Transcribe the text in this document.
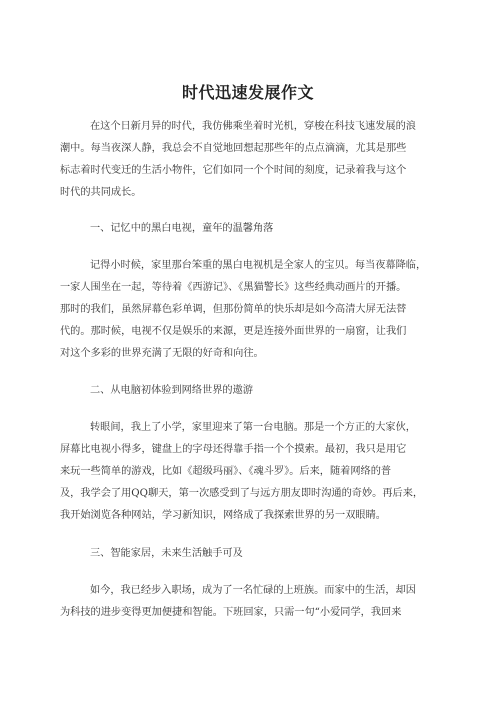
时代迅速发展作文
在这个日新月异的时代，我仿佛乘坐着时光机，穿梭在科技飞速发展的浪
潮中。每当夜深人静，我总会不自觉地回想起那些年的点点滴滴，尤其是那些
标志着时代变迁的生活小物件，它们如同一个个时间的刻度，记录着我与这个
时代的共同成长。
一、记忆中的黑白电视，童年的温馨角落
记得小时候，家里那台笨重的黑白电视机是全家人的宝贝。每当夜幕降临，
一家人围坐在一起，等待着《西游记》、《黑猫警长》这些经典动画片的开播。
那时的我们，虽然屏幕色彩单调，但那份简单的快乐却是如今高清大屏无法替
代的。那时候，电视不仅是娱乐的来源，更是连接外面世界的一扇窗，让我们
对这个多彩的世界充满了无限的好奇和向往。
二、从电脑初体验到网络世界的遨游
转眼间，我上了小学，家里迎来了第一台电脑。那是一个方正的大家伙，
屏幕比电视小得多，键盘上的字母还得靠手指一个个摸索。最初，我只是用它
来玩一些简单的游戏，比如《超级玛丽》、《魂斗罗》。后来，随着网络的普
及，我学会了用QQ聊天，第一次感受到了与远方朋友即时沟通的奇妙。再后来，
我开始浏览各种网站，学习新知识，网络成了我探索世界的另一双眼睛。
三、智能家居，未来生活触手可及
如今，我已经步入职场，成为了一名忙碌的上班族。而家中的生活，却因
为科技的进步变得更加便捷和智能。下班回家，只需一句“小爱同学，我回来
